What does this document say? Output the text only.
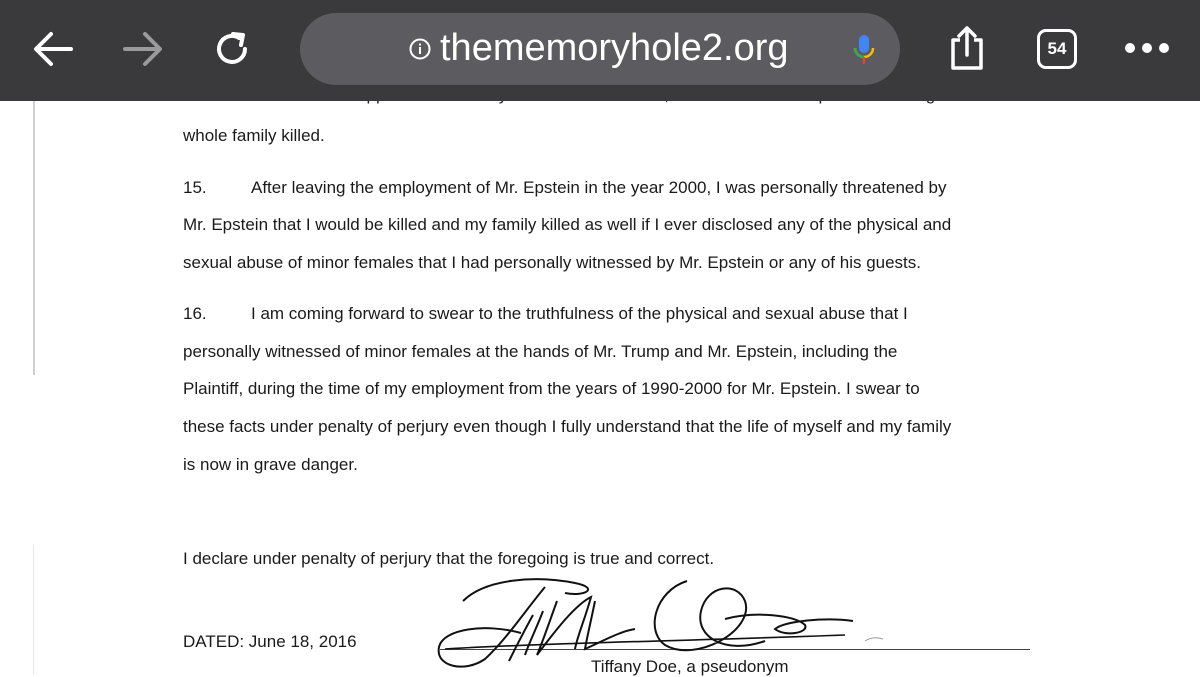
thememoryhole2.org	54
whole family killed.
15.	After leaving the employment of Mr. Epstein in the year 2000, I was personally threatened by
Mr. Epstein that I would be killed and my family killed as well if I ever disclosed any of the physical and
sexual abuse of minor females that I had personally witnessed by Mr. Epstein or any of his guests.
16.	I am coming forward to swear to the truthfulness of the physical and sexual abuse that I
personally witnessed of minor females at the hands of Mr. Trump and Mr. Epstein, including the
Plaintiff, during the time of my employment from the years of 1990-2000 for Mr. Epstein. I swear to
these facts under penalty of perjury even though I fully understand that the life of myself and my family
is now in grave danger.
I declare under penalty of perjury that the foregoing is true and correct.
DATED: June 18, 2016
Tiffany Doe, a pseudonym
